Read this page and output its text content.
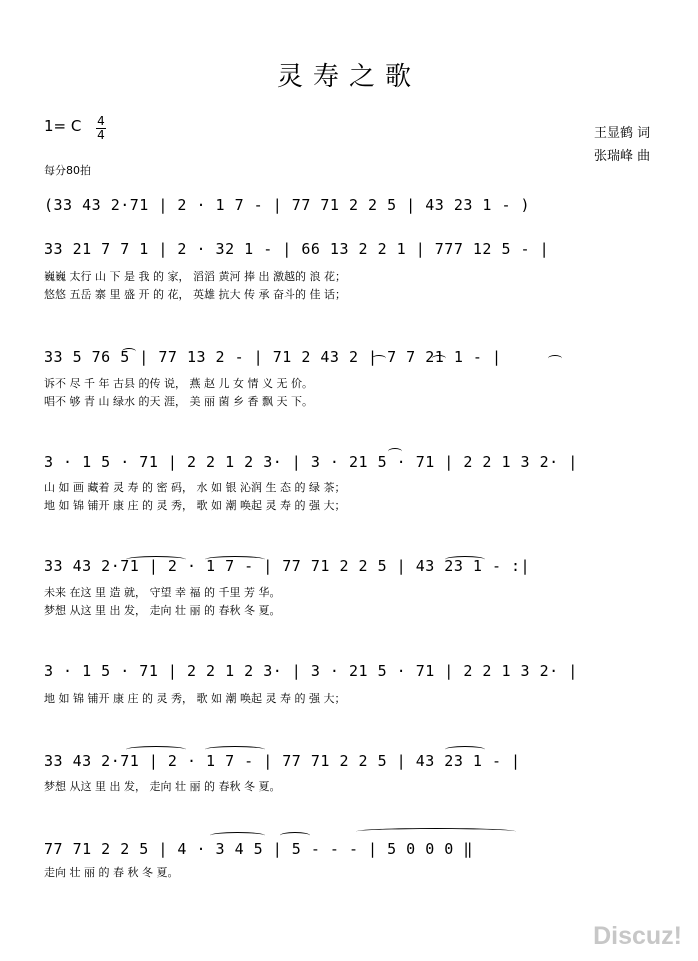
灵寿之歌
1= C 4
4
每分80拍
王显鹤 词
张瑞峰 曲
(33 43 2·71 | 2 · 1 7 - | 77 71 2 2 5 | 43 23 1 - )
33 21 7 7 1 | 2 · 32 1 - | 66 13 2 2 1 | 777 12 5 - |
巍巍 太行 山 下 是 我 的 家， 滔滔 黄河 捧 出 激越的 浪 花；
悠悠 五岳 寨 里 盛 开 的 花， 英雄 抗大 传 承 奋斗的 佳 话；
33 5 76 5 | 77 13 2 - | 71 2 43 2 | 7 7 21 1 - |
诉不 尽 千 年 古县 的传 说， 燕 赵 儿 女 情 义 无 价。
唱不 够 青 山 绿水 的天 涯， 美 丽 菌 乡 香 飘 天 下。
3 · 1 5 · 71 | 2 2 1 2 3· | 3 · 21 5 · 71 | 2 2 1 3 2· |
山 如 画 藏着 灵 寿 的 密 码， 水 如 银 沁润 生 态 的 绿 茶；
地 如 锦 铺开 康 庄 的 灵 秀， 歌 如 潮 唤起 灵 寿 的 强 大；
33 43 2·71 | 2 · 1 7 - | 77 71 2 2 5 | 43 23 1 - :|
未来 在这 里 造 就， 守望 幸 福 的 千里 芳 华。
梦想 从这 里 出 发， 走向 壮 丽 的 春秋 冬 夏。
3 · 1 5 · 71 | 2 2 1 2 3· | 3 · 21 5 · 71 | 2 2 1 3 2· |
地 如 锦 铺开 康 庄 的 灵 秀， 歌 如 潮 唤起 灵 寿 的 强 大；
33 43 2·71 | 2 · 1 7 - | 77 71 2 2 5 | 43 23 1 - |
梦想 从这 里 出 发， 走向 壮 丽 的 春秋 冬 夏。
77 71 2 2 5 | 4 · 3 4 5 | 5 - - - | 5 0 0 0 ‖
走向 壮 丽 的 春 秋 冬 夏。
Discuz!
